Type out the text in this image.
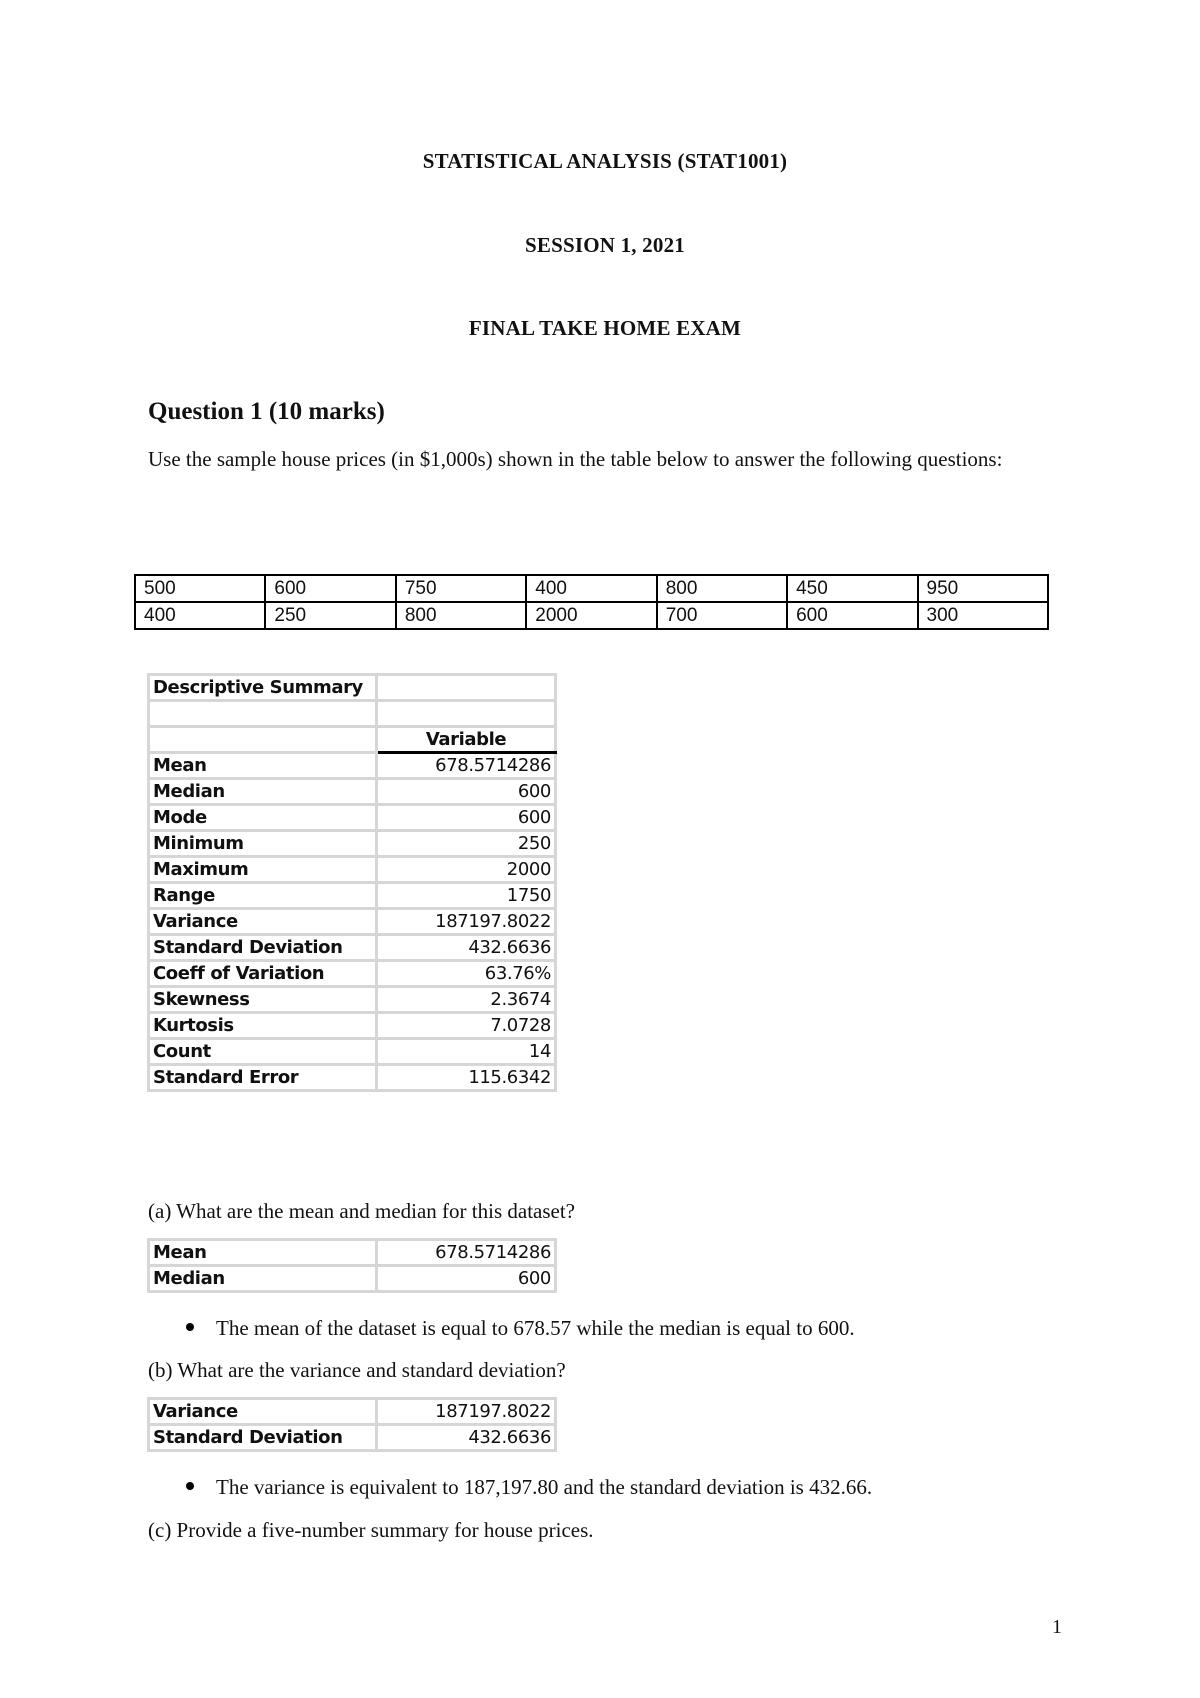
STATISTICAL ANALYSIS (STAT1001)
SESSION 1, 2021
FINAL TAKE HOME EXAM
Question 1 (10 marks)
Use the sample house prices (in $1,000s) shown in the table below to answer the following questions:
500	600	750	400	800	450	950
400	250	800	2000	700	600	300
Descriptive Summary	

	Variable
Mean	678.5714286
Median	600
Mode	600
Minimum	250
Maximum	2000
Range	1750
Variance	187197.8022
Standard Deviation	432.6636
Coeff of Variation	63.76%
Skewness	2.3674
Kurtosis	7.0728
Count	14
Standard Error	115.6342
(a) What are the mean and median for this dataset?
Mean	678.5714286
Median	600
The mean of the dataset is equal to 678.57 while the median is equal to 600.
(b) What are the variance and standard deviation?
Variance	187197.8022
Standard Deviation	432.6636
The variance is equivalent to 187,197.80 and the standard deviation is 432.66.
(c) Provide a five-number summary for house prices.
1
